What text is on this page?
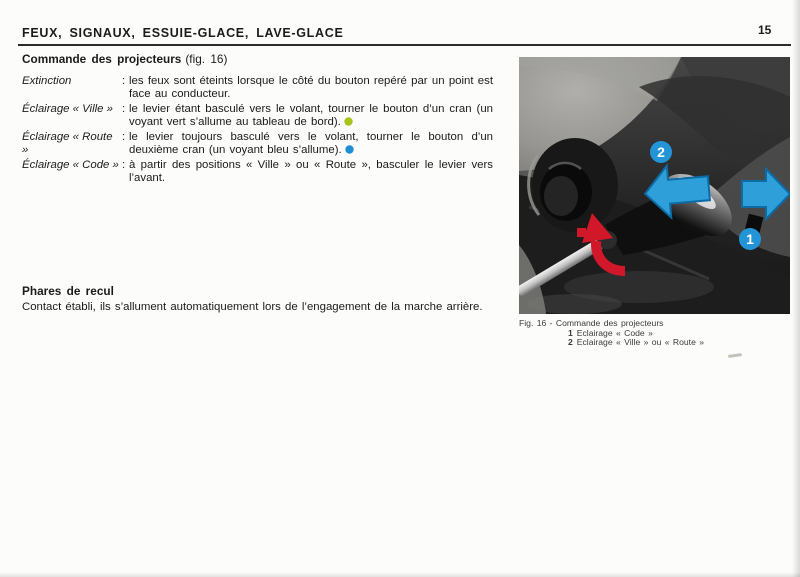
FEUX, SIGNAUX, ESSUIE-GLACE, LAVE-GLACE	15
Commande des projecteurs (fig. 16)
Extinction	: les feux sont éteints lorsque le côté du bouton repéré par un point est face au conducteur.
Éclairage « Ville » : le levier étant basculé vers le volant, tourner le bouton d’un cran (un voyant vert s’allume au tableau de bord).
Éclairage « Route »
: le levier toujours basculé vers le volant, tourner le bouton d’un deuxième cran (un voyant bleu s’allume).
Éclairage « Code » : à partir des positions « Ville » ou « Route », basculer le levier vers l’avant.
Phares de recul
Contact établi, ils s’allument automatiquement lors de l’engagement de la marche arrière.
2
1
Fig. 16 - Commande des projecteurs
1 Eclairage « Code »
2 Eclairage « Ville » ou « Route »
